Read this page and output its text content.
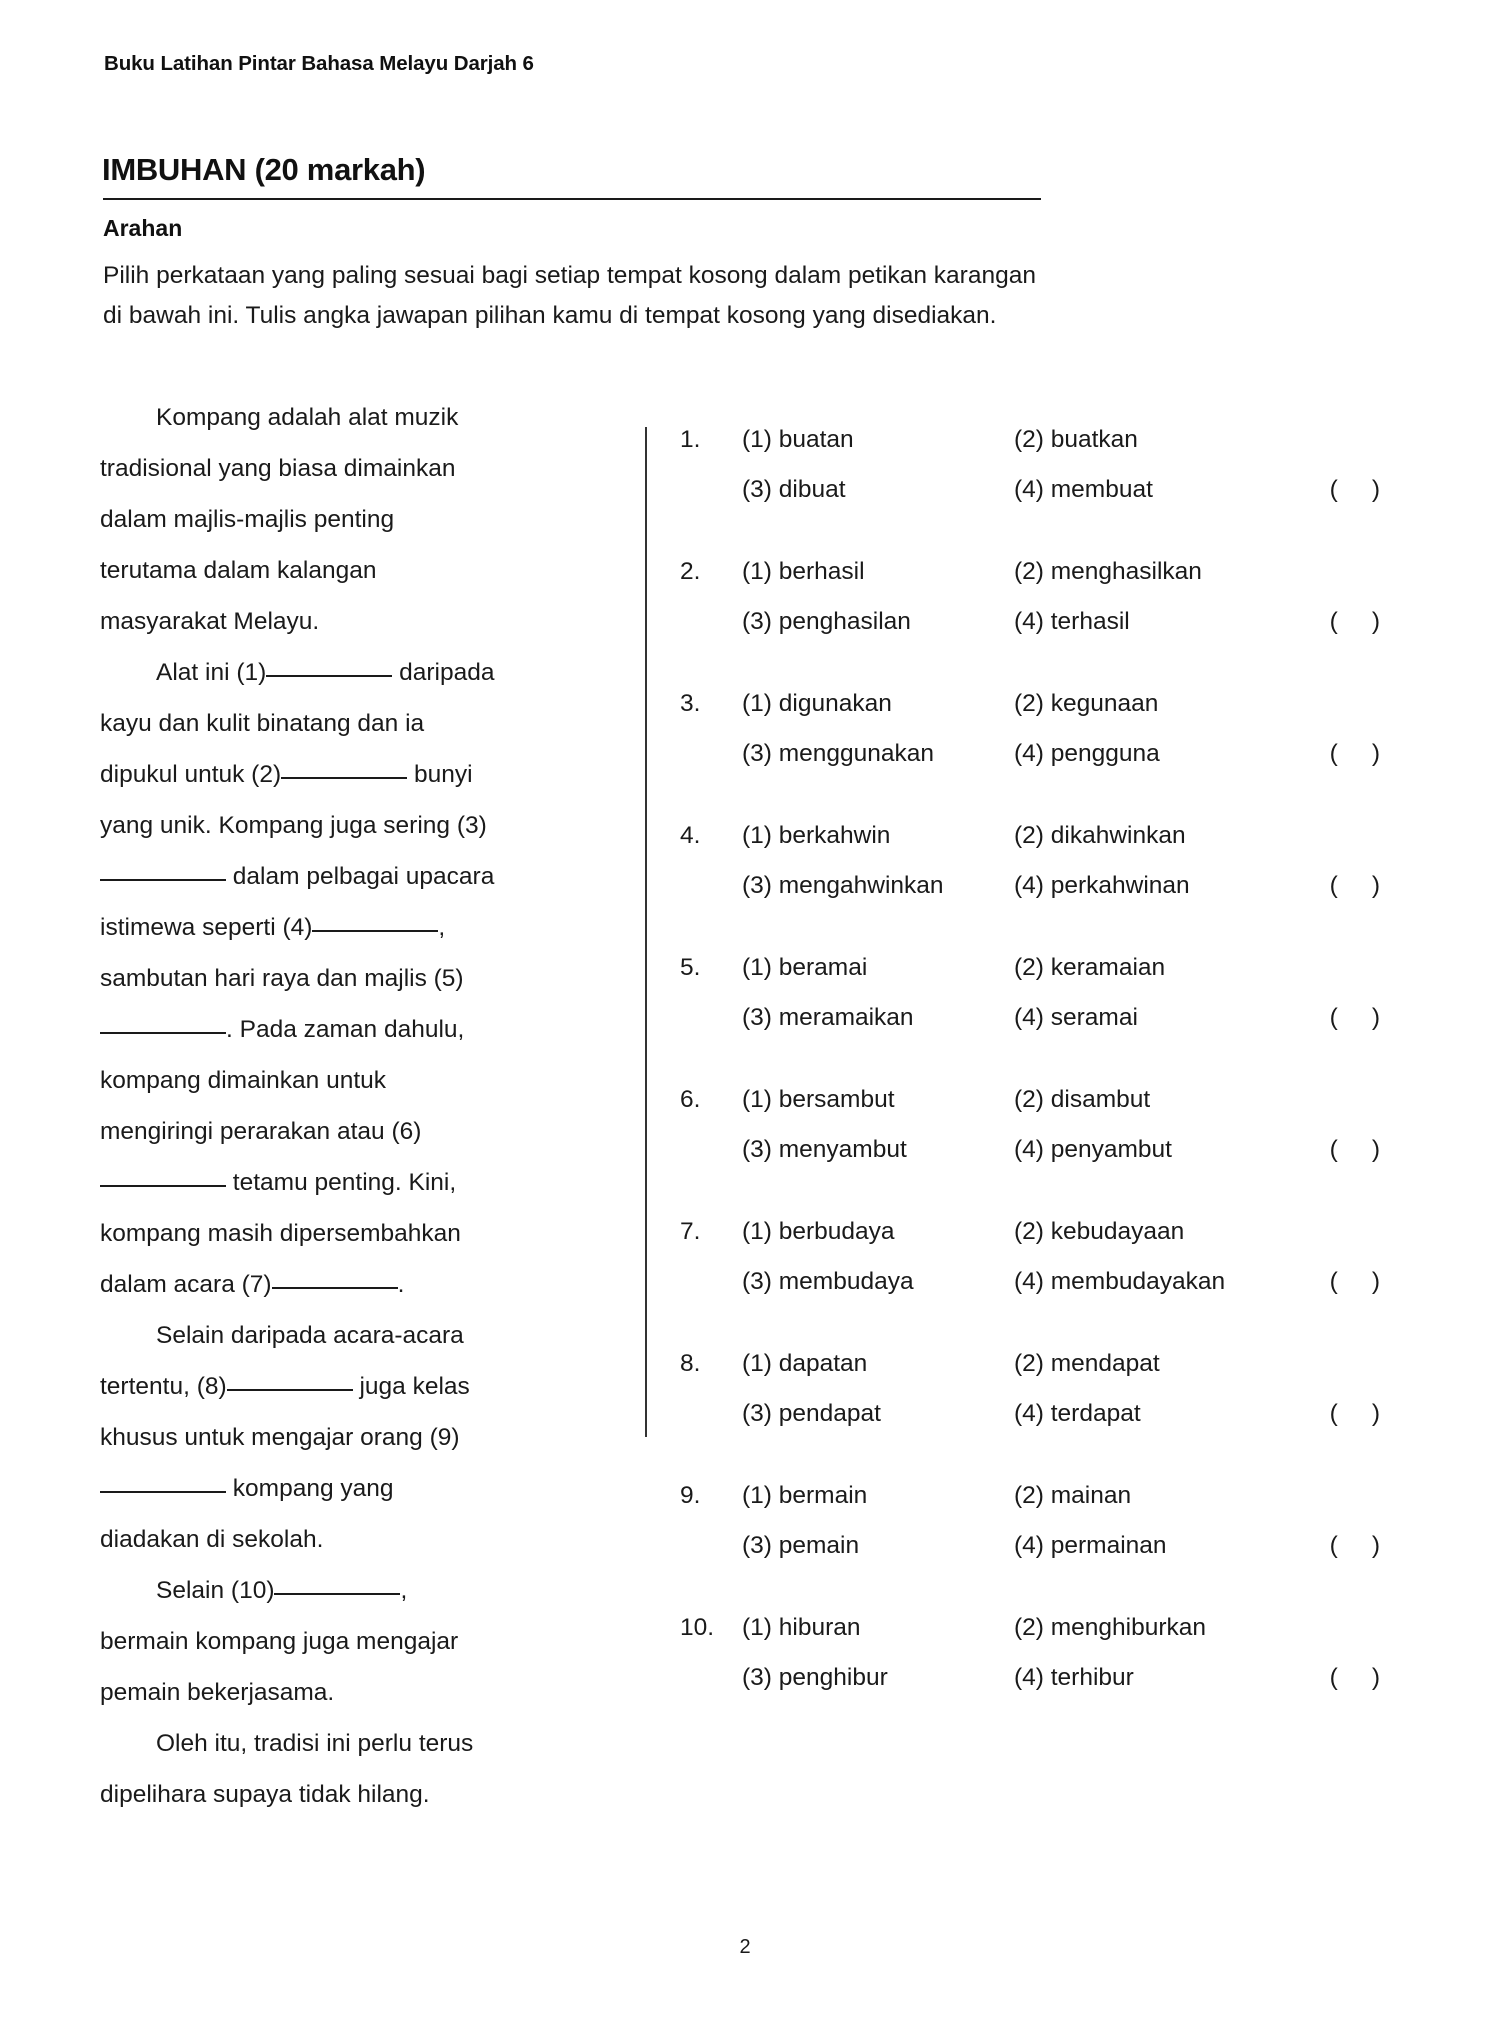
Buku Latihan Pintar Bahasa Melayu Darjah 6
IMBUHAN (20 markah)
Arahan
Pilih perkataan yang paling sesuai bagi setiap tempat kosong dalam petikan karangan di bawah ini. Tulis angka jawapan pilihan kamu di tempat kosong yang disediakan.

Kompang adalah alat muzik tradisional yang biasa dimainkan dalam majlis-majlis penting terutama dalam kalangan masyarakat Melayu.

Alat ini (1)	daripada kayu dan kulit binatang dan ia dipukul untuk (2)	bunyi yang unik. Kompang juga sering (3) dalam pelbagai upacara istimewa seperti (4)	, sambutan hari raya dan majlis (5). Pada zaman dahulu, kompang dimainkan untuk mengiringi perarakan atau (6) tetamu penting. Kini, kompang masih dipersembahkan dalam acara (7)	.

Selain daripada acara-acara tertentu, (8)	juga kelas khusus untuk mengajar orang (9) kompang yang diadakan di sekolah.

Selain (10)	, bermain kompang juga mengajar pemain bekerjasama.

Oleh itu, tradisi ini perlu terus dipelihara supaya tidak hilang.

1.	(1) buatan	(2) buatkan
(3) dibuat	(4) membuat	(     )
2.	(1) berhasil	(2) menghasilkan
(3) penghasilan	(4) terhasil	(     )
3.	(1) digunakan	(2) kegunaan
(3) menggunakan	(4) pengguna	(     )
4.	(1) berkahwin	(2) dikahwinkan
(3) mengahwinkan	(4) perkahwinan	(     )
5.	(1) beramai	(2) keramaian
(3) meramaikan	(4) seramai	(     )
6.	(1) bersambut	(2) disambut
(3) menyambut	(4) penyambut	(     )
7.	(1) berbudaya	(2) kebudayaan
(3) membudaya	(4) membudayakan	(     )
8.	(1) dapatan	(2) mendapat
(3) pendapat	(4) terdapat	(     )
9.	(1) bermain	(2) mainan
(3) pemain	(4) permainan	(     )
10.	(1) hiburan	(2) menghiburkan
(3) penghibur	(4) terhibur	(     )
2
